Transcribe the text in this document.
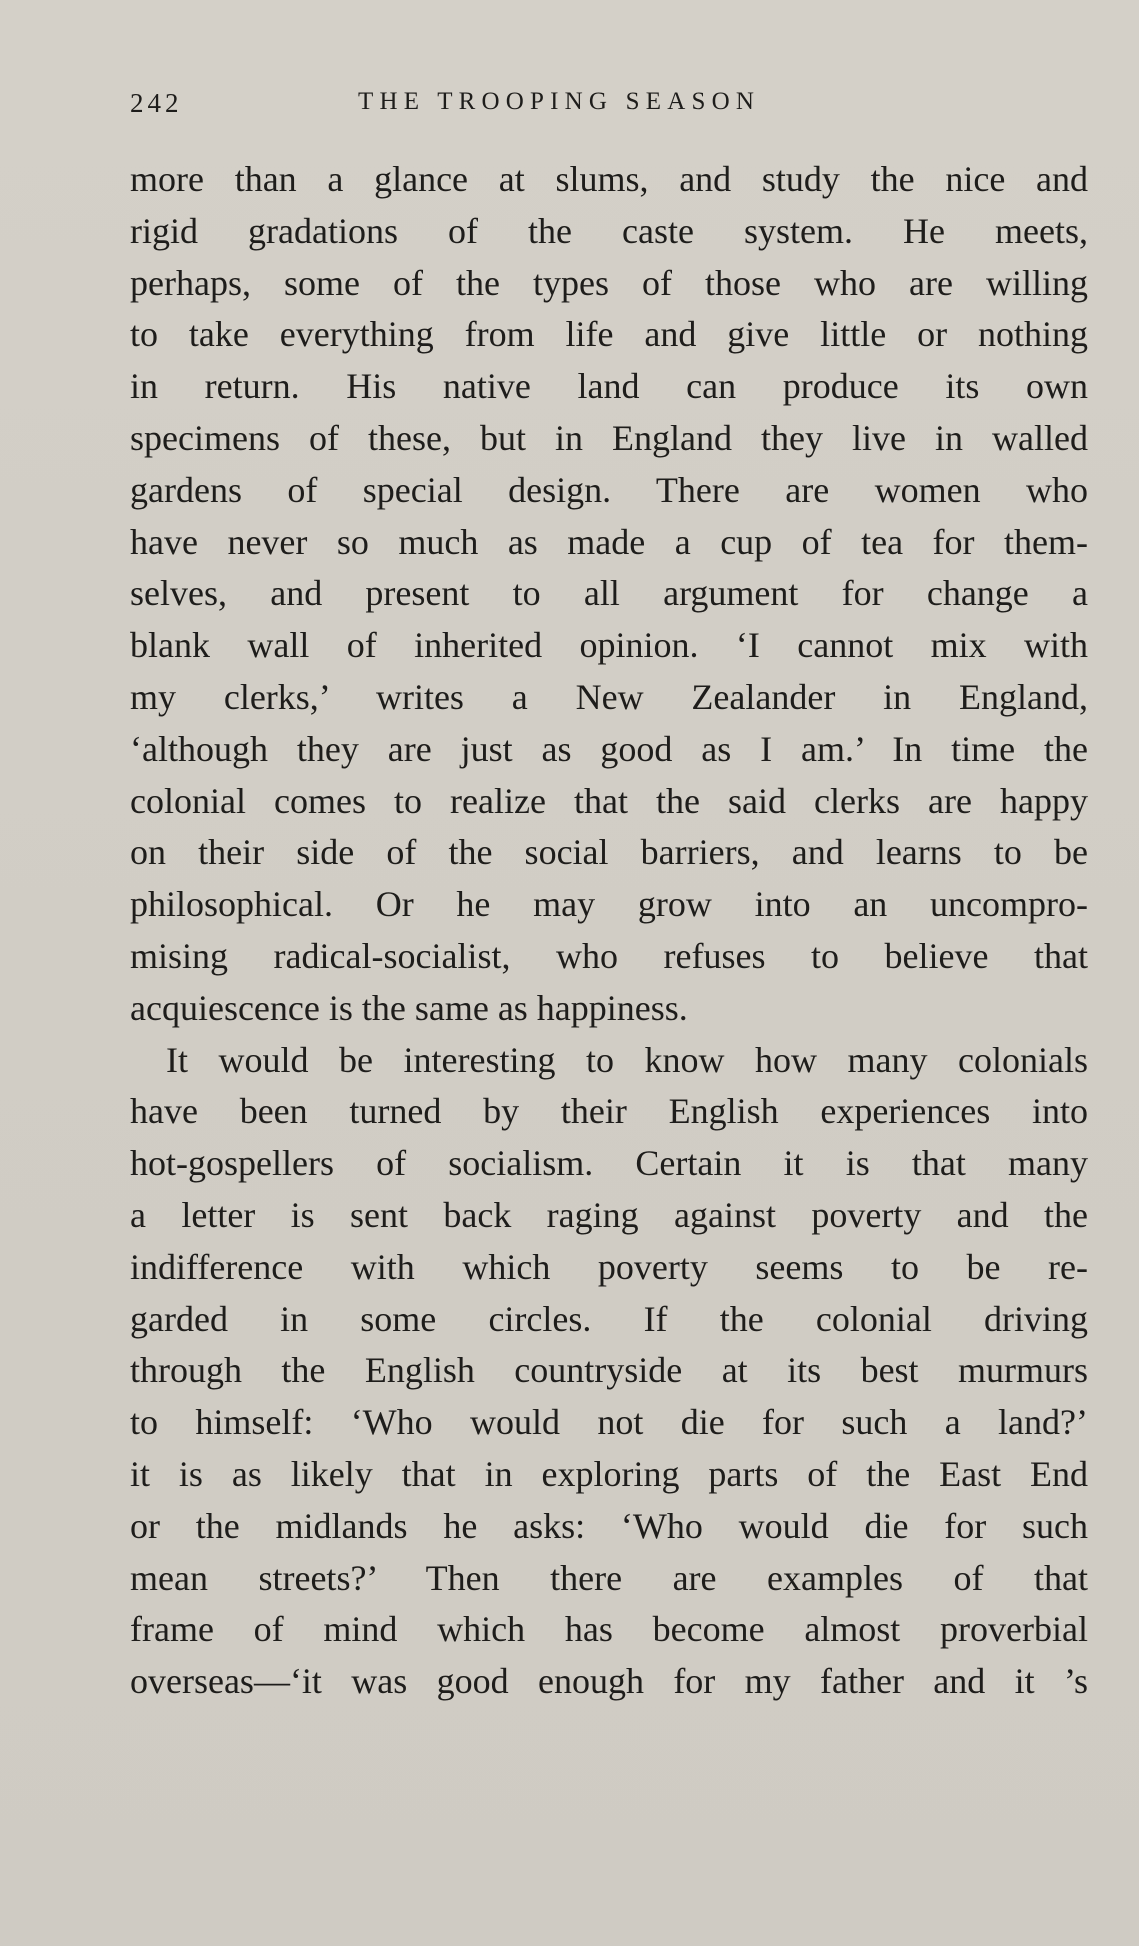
242	THE TROOPING SEASON
more than a glance at slums, and study the nice and
rigid gradations of the caste system. He meets,
perhaps, some of the types of those who are willing
to take everything from life and give little or nothing
in return. His native land can produce its own
specimens of these, but in England they live in walled
gardens of special design. There are women who
have never so much as made a cup of tea for them-
selves, and present to all argument for change a
blank wall of inherited opinion. ‘I cannot mix with
my clerks,’ writes a New Zealander in England,
‘although they are just as good as I am.’ In time the
colonial comes to realize that the said clerks are happy
on their side of the social barriers, and learns to be
philosophical. Or he may grow into an uncompro-
mising radical-socialist, who refuses to believe that
acquiescence is the same as happiness.
It would be interesting to know how many colonials
have been turned by their English experiences into
hot-gospellers of socialism. Certain it is that many
a letter is sent back raging against poverty and the
indifference with which poverty seems to be re-
garded in some circles. If the colonial driving
through the English countryside at its best murmurs
to himself: ‘Who would not die for such a land?’
it is as likely that in exploring parts of the East End
or the midlands he asks: ‘Who would die for such
mean streets?’ Then there are examples of that
frame of mind which has become almost proverbial
overseas—‘it was good enough for my father and it ’s
